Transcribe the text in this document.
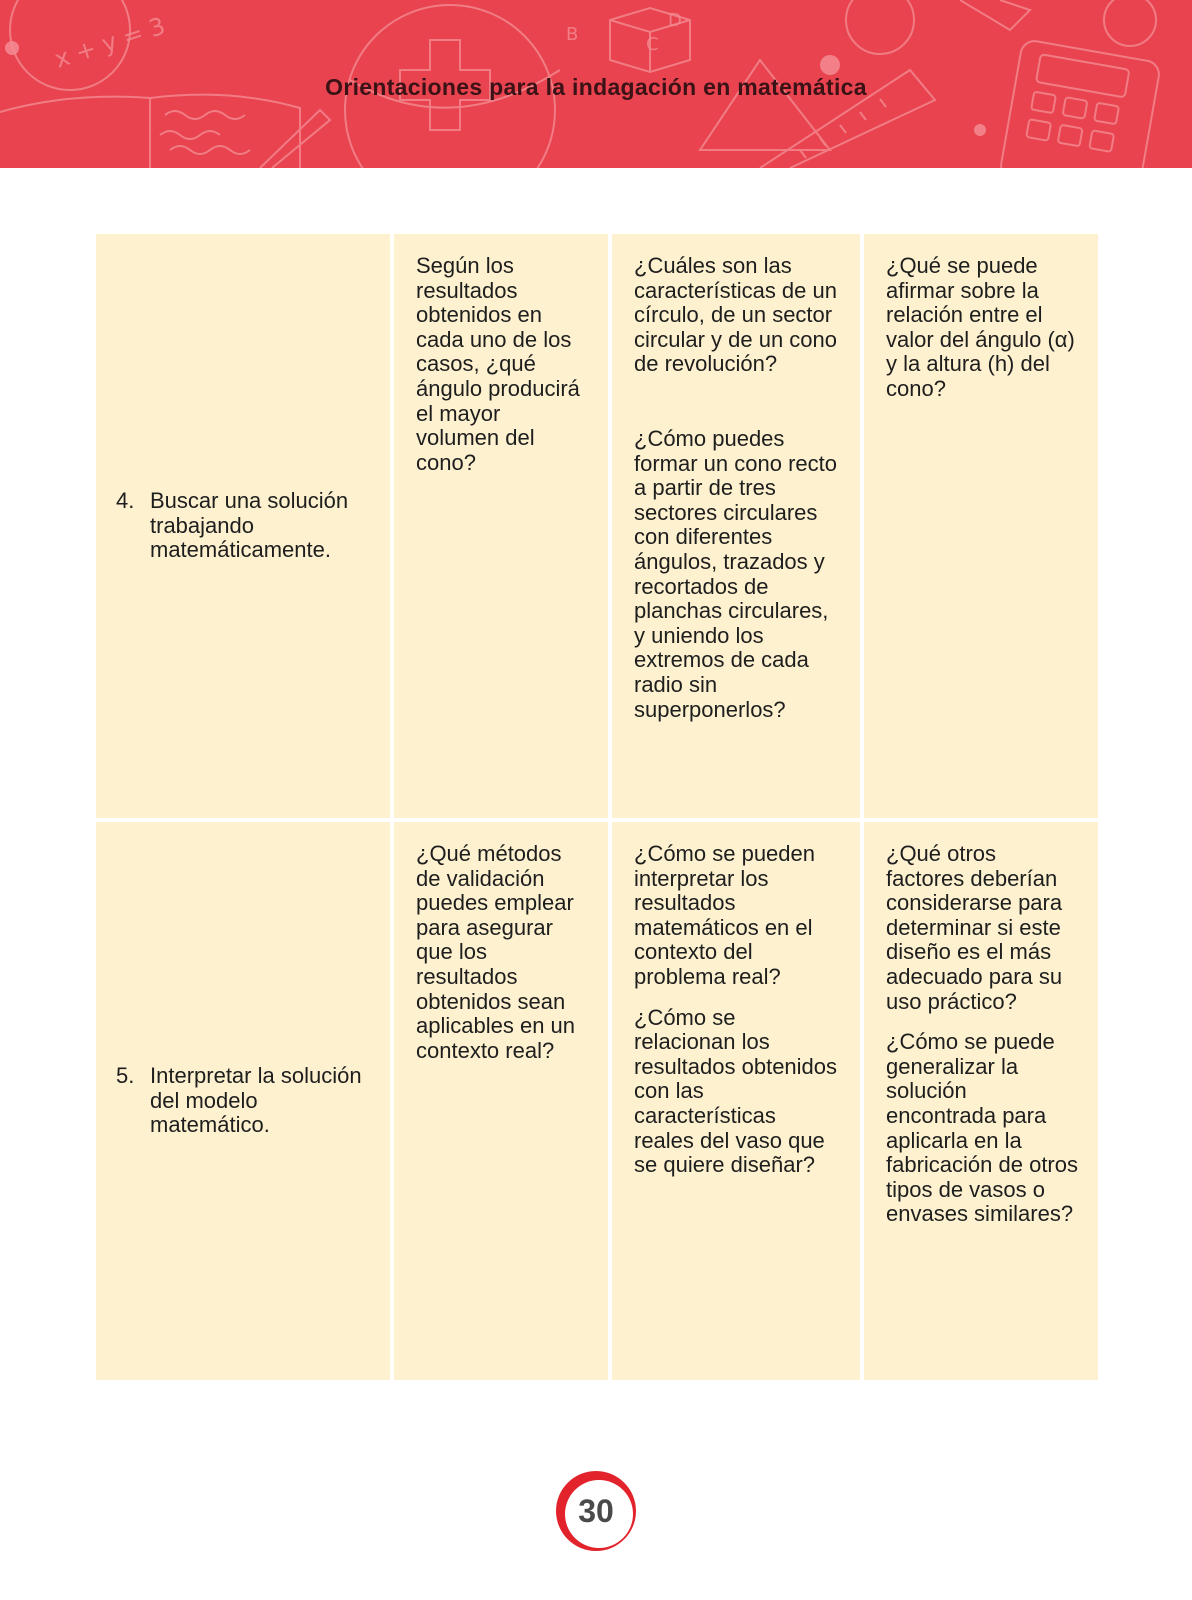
x + y = 3	B	C
D
Orientaciones para la indagación en matemática
4. Buscar una solución trabajando matemáticamente.

Según los resultados obtenidos en cada uno de los casos, ¿qué ángulo producirá el mayor volumen del cono?

¿Cuáles son las características de un círculo, de un sector circular y de un cono de revolución?

¿Cómo puedes formar un cono recto a partir de tres sectores circulares con diferentes ángulos, trazados y recortados de planchas circulares, y uniendo los extremos de cada radio sin superponerlos?

¿Qué se puede afirmar sobre la relación entre el valor del ángulo (α) y la altura (h) del cono?

5. Interpretar la solución del modelo matemático.

¿Qué métodos de validación puedes emplear para asegurar que los resultados obtenidos sean aplicables en un contexto real?

¿Cómo se pueden interpretar los resultados matemáticos en el contexto del problema real?

¿Cómo se relacionan los resultados obtenidos con las características reales del vaso que se quiere diseñar?

¿Qué otros factores deberían considerarse para determinar si este diseño es el más adecuado para su uso práctico?

¿Cómo se puede generalizar la solución encontrada para aplicarla en la fabricación de otros tipos de vasos o envases similares?

30
